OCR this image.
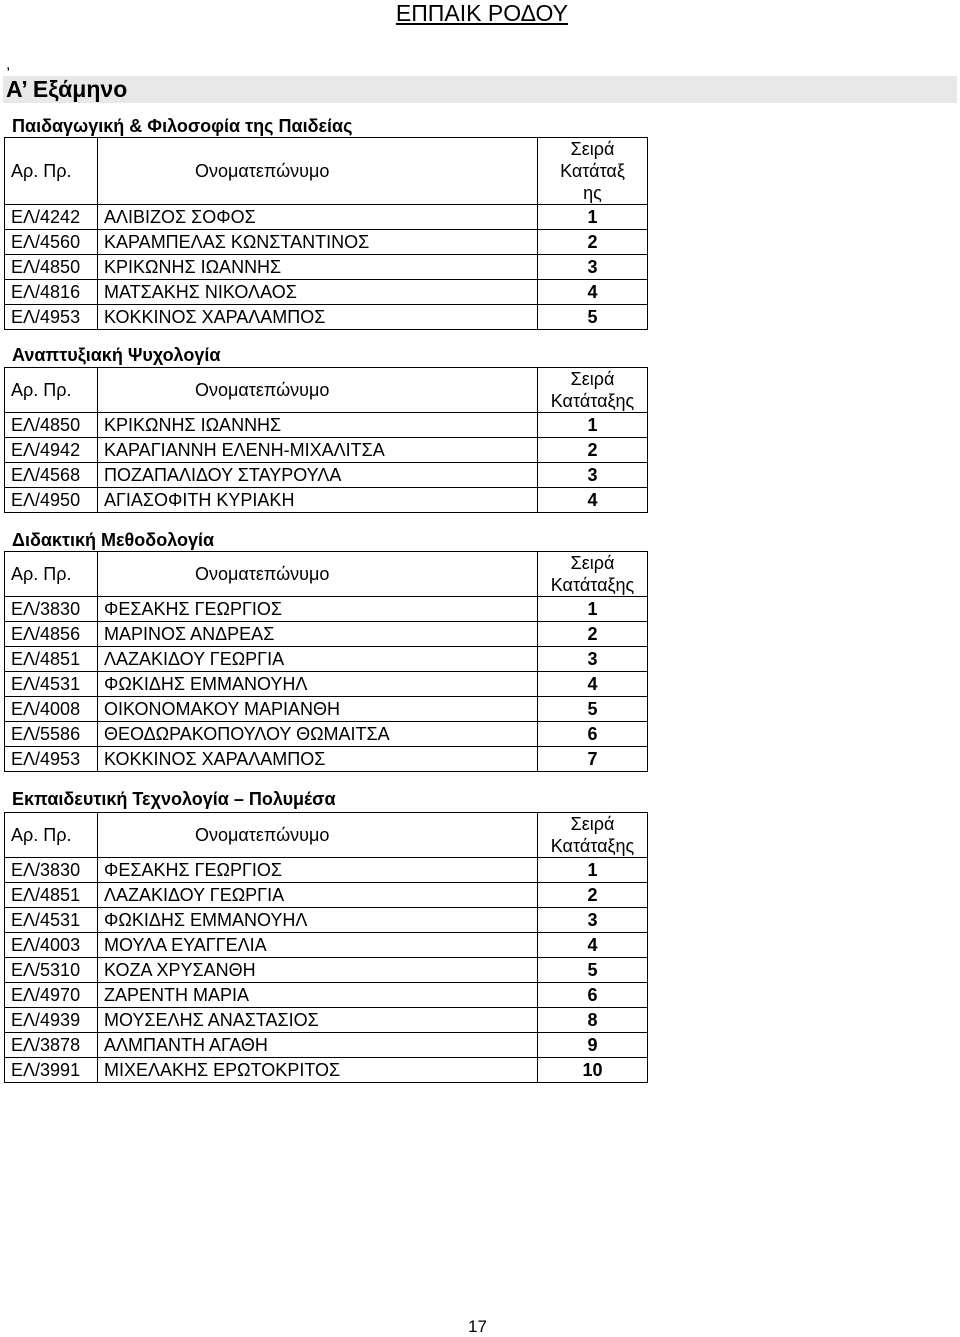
ΕΠΠΑΙΚ ΡΟΔΟΥ
,
Α’ Εξάμηνο
Παιδαγωγική & Φιλοσοφία της Παιδείας
Αρ. Πρ.	Ονοματεπώνυμο	Σειρά
Κατάταξ
ης

ΕΛ/4242	ΑΛΙΒΙΖΟΣ ΣΟΦΟΣ	1
ΕΛ/4560	ΚΑΡΑΜΠΕΛΑΣ ΚΩΝΣΤΑΝΤΙΝΟΣ	2
ΕΛ/4850	ΚΡΙΚΩΝΗΣ ΙΩΑΝΝΗΣ	3
ΕΛ/4816	ΜΑΤΣΑΚΗΣ ΝΙΚΟΛΑΟΣ	4
ΕΛ/4953	ΚΟΚΚΙΝΟΣ ΧΑΡΑΛΑΜΠΟΣ	5
Αναπτυξιακή Ψυχολογία
Αρ. Πρ.	Ονοματεπώνυμο	Σειρά
Κατάταξης

ΕΛ/4850	ΚΡΙΚΩΝΗΣ ΙΩΑΝΝΗΣ	1
ΕΛ/4942	ΚΑΡΑΓΙΑΝΝΗ ΕΛΕΝΗ-ΜΙΧΑΛΙΤΣΑ	2
ΕΛ/4568	ΠΟΖΑΠΑΛΙΔΟΥ ΣΤΑΥΡΟΥΛΑ	3
ΕΛ/4950	ΑΓΙΑΣΟΦΙΤΗ ΚΥΡΙΑΚΗ	4
Διδακτική Μεθοδολογία
Αρ. Πρ.	Ονοματεπώνυμο	Σειρά
Κατάταξης

ΕΛ/3830	ΦΕΣΑΚΗΣ ΓΕΩΡΓΙΟΣ	1
ΕΛ/4856	ΜΑΡΙΝΟΣ ΑΝΔΡΕΑΣ	2
ΕΛ/4851	ΛΑΖΑΚΙΔΟΥ ΓΕΩΡΓΙΑ	3
ΕΛ/4531	ΦΩΚΙΔΗΣ ΕΜΜΑΝΟΥΗΛ	4
ΕΛ/4008	ΟΙΚΟΝΟΜΑΚΟΥ ΜΑΡΙΑΝΘΗ	5
ΕΛ/5586	ΘΕΟΔΩΡΑΚΟΠΟΥΛΟΥ ΘΩΜΑΙΤΣΑ	6
ΕΛ/4953	ΚΟΚΚΙΝΟΣ ΧΑΡΑΛΑΜΠΟΣ	7
Εκπαιδευτική Τεχνολογία – Πολυμέσα
Αρ. Πρ.	Ονοματεπώνυμο	Σειρά
Κατάταξης

ΕΛ/3830	ΦΕΣΑΚΗΣ ΓΕΩΡΓΙΟΣ	1
ΕΛ/4851	ΛΑΖΑΚΙΔΟΥ ΓΕΩΡΓΙΑ	2
ΕΛ/4531	ΦΩΚΙΔΗΣ ΕΜΜΑΝΟΥΗΛ	3
ΕΛ/4003	ΜΟΥΛΑ ΕΥΑΓΓΕΛΙΑ	4
ΕΛ/5310	ΚΟΖΑ ΧΡΥΣΑΝΘΗ	5
ΕΛ/4970	ΖΑΡΕΝΤΗ ΜΑΡΙΑ	6
ΕΛ/4939	ΜΟΥΣΕΛΗΣ ΑΝΑΣΤΑΣΙΟΣ	8
ΕΛ/3878	ΑΛΜΠΑΝΤΗ ΑΓΑΘΗ	9
ΕΛ/3991	ΜΙΧΕΛΑΚΗΣ ΕΡΩΤΟΚΡΙΤΟΣ	10
17
